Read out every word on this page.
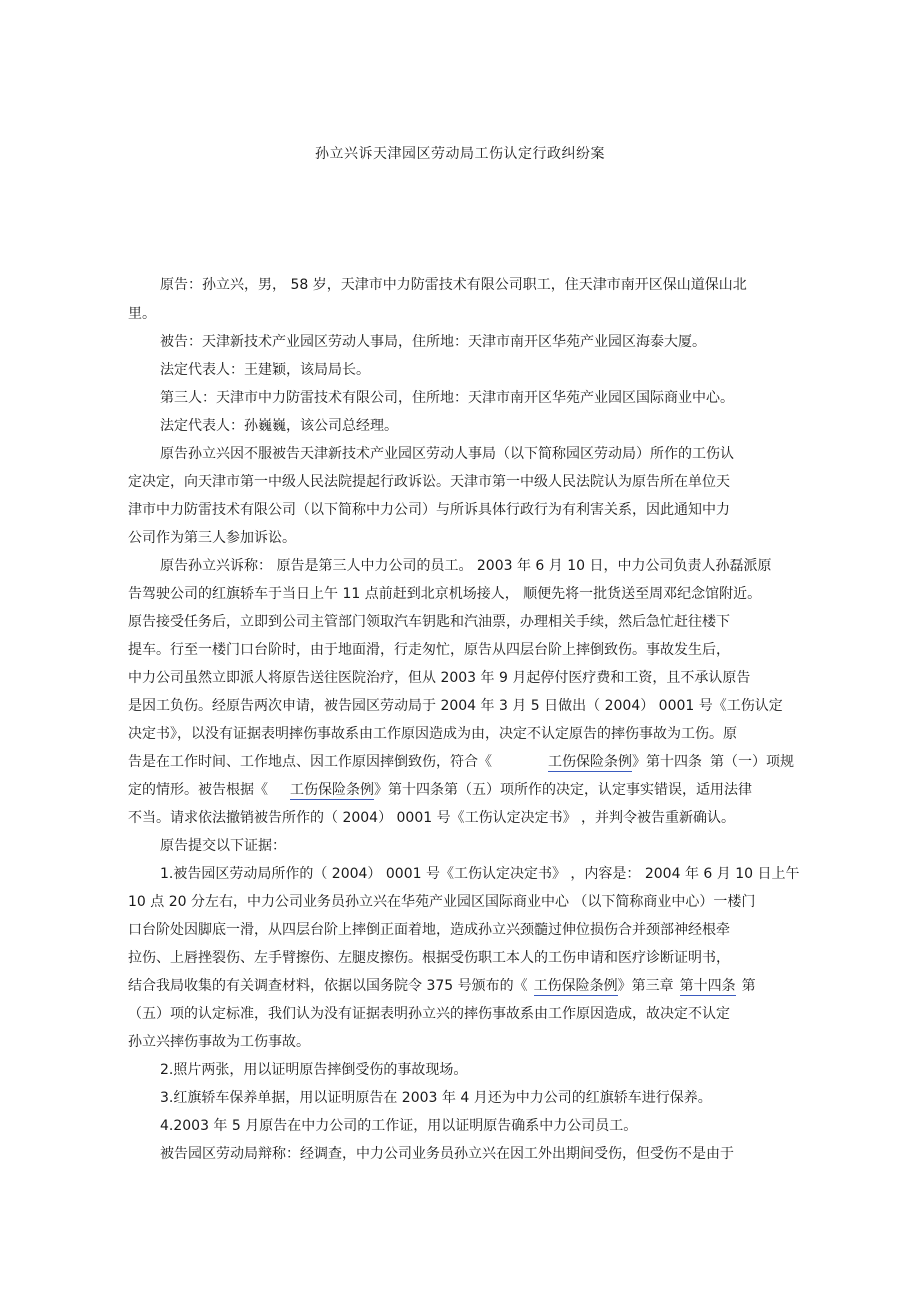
孙立兴诉天津园区劳动局工伤认定行政纠纷案
原告：孙立兴，男， 58 岁，天津市中力防雷技术有限公司职工，住天津市南开区保山道保山北
里。
被告：天津新技术产业园区劳动人事局，住所地：天津市南开区华苑产业园区海泰大厦。
法定代表人：王建颖，该局局长。
第三人：天津市中力防雷技术有限公司，住所地：天津市南开区华苑产业园区国际商业中心。
法定代表人：孙巍巍，该公司总经理。
原告孙立兴因不服被告天津新技术产业园区劳动人事局（以下简称园区劳动局）所作的工伤认
定决定，向天津市第一中级人民法院提起行政诉讼。天津市第一中级人民法院认为原告所在单位天
津市中力防雷技术有限公司（以下简称中力公司）与所诉具体行政行为有利害关系，因此通知中力
公司作为第三人参加诉讼。
原告孙立兴诉称： 原告是第三人中力公司的员工。 2003 年 6 月 10 日，中力公司负责人孙磊派原
告驾驶公司的红旗轿车于当日上午 11 点前赶到北京机场接人， 顺便先将一批货送至周邓纪念馆附近。
原告接受任务后，立即到公司主管部门领取汽车钥匙和汽油票，办理相关手续，然后急忙赶往楼下
提车。行至一楼门口台阶时，由于地面滑，行走匆忙，原告从四层台阶上摔倒致伤。事故发生后，
中力公司虽然立即派人将原告送往医院治疗，但从 2003 年 9 月起停付医疗费和工资，且不承认原告
是因工负伤。经原告两次申请，被告园区劳动局于 2004 年 3 月 5 日做出（ 2004） 0001 号《工伤认定
决定书》，以没有证据表明摔伤事故系由工作原因造成为由，决定不认定原告的摔伤事故为工伤。原
告是在工作时间、工作地点、因工作原因摔倒致伤，符合《	工伤保险条例》第十四条 第（一）项规
定的情形。被告根据《 工伤保险条例》第十四条第（五）项所作的决定，认定事实错误，适用法律
不当。请求依法撤销被告所作的（ 2004） 0001 号《工伤认定决定书》 ，并判令被告重新确认。
原告提交以下证据：
1.被告园区劳动局所作的（ 2004） 0001 号《工伤认定决定书》 ，内容是： 2004 年 6 月 10 日上午
10 点 20 分左右，中力公司业务员孙立兴在华苑产业园区国际商业中心 （以下简称商业中心）一楼门
口台阶处因脚底一滑，从四层台阶上摔倒正面着地，造成孙立兴颈髓过伸位损伤合并颈部神经根牵
拉伤、上唇挫裂伤、左手臂擦伤、左腿皮擦伤。根据受伤职工本人的工伤申请和医疗诊断证明书，
结合我局收集的有关调查材料，依据以国务院令 375 号颁布的《 工伤保险条例》第三章 第十四条 第
（五）项的认定标准，我们认为没有证据表明孙立兴的摔伤事故系由工作原因造成，故决定不认定
孙立兴摔伤事故为工伤事故。
2.照片两张，用以证明原告摔倒受伤的事故现场。
3.红旗轿车保养单据，用以证明原告在 2003 年 4 月还为中力公司的红旗轿车进行保养。
4.2003 年 5 月原告在中力公司的工作证，用以证明原告确系中力公司员工。
被告园区劳动局辩称：经调查，中力公司业务员孙立兴在因工外出期间受伤，但受伤不是由于
